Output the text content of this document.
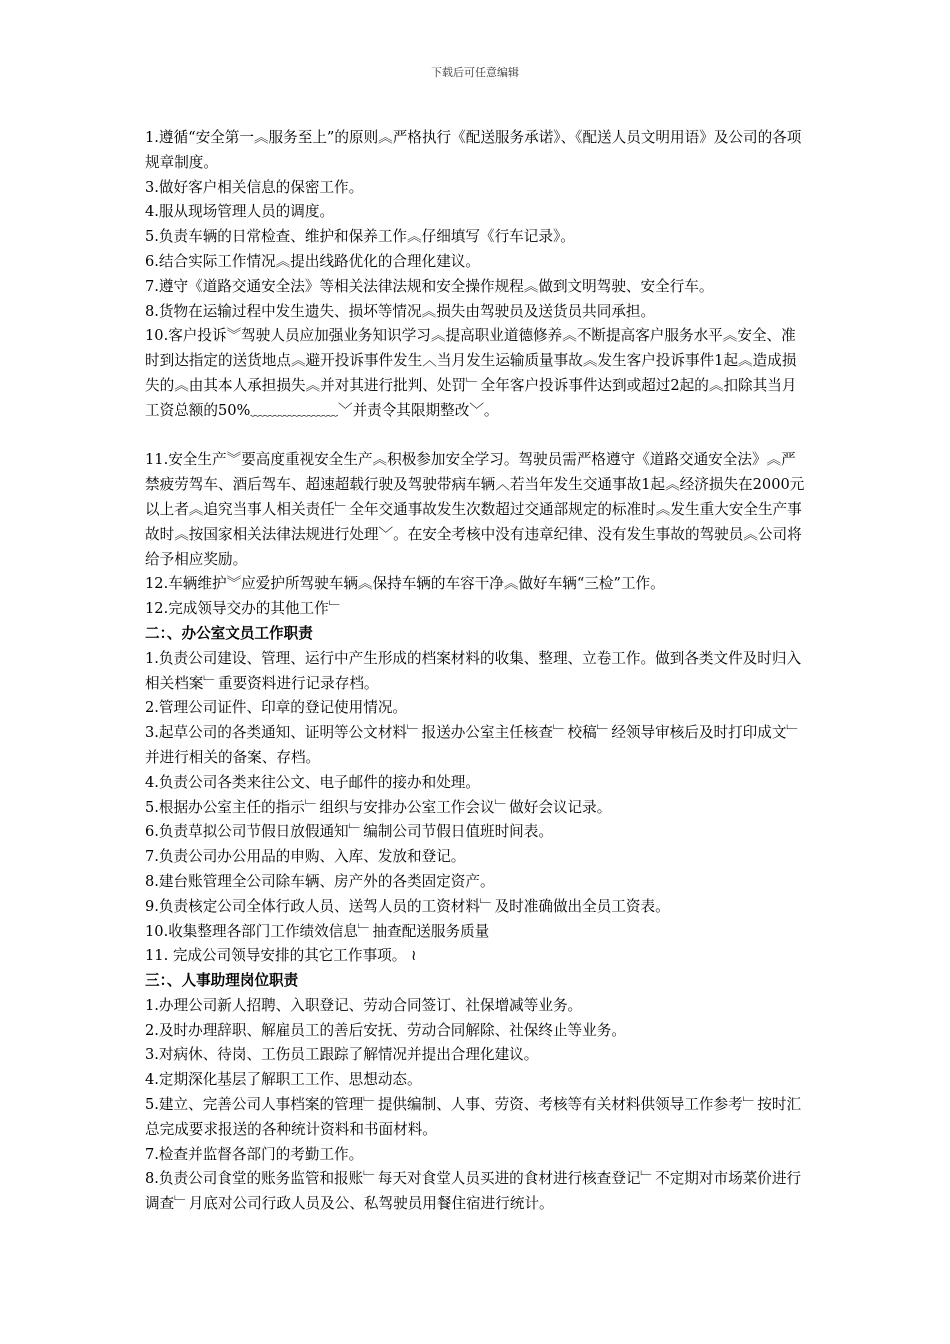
下载后可任意编辑

1.遵循“安全第一︽服务至上”的原则︽严格执行《配送服务承诺》、《配送人员文明用语》及公司的各项规章制度。

3.做好客户相关信息的保密工作。

4.服从现场管理人员的调度。

5.负责车辆的日常检查、维护和保养工作︽仔细填写《行车记录》。

6.结合实际工作情况︽提出线路优化的合理化建议。

7.遵守《道路交通安全法》等相关法律法规和安全操作规程︽做到文明驾驶、安全行车。

8.货物在运输过程中发生遗失、损坏等情况︽损失由驾驶员及送货员共同承担。

10.客户投诉︾驾驶人员应加强业务知识学习︽提高职业道德修养︽不断提高客户服务水平︽安全、准时到达指定的送货地点︽避开投诉事件发生︿当月发生运输质量事故︽发生客户投诉事件1起︽造成损失的︽由其本人承担损失︽并对其进行批判、处罚﹂全年客户投诉事件达到或超过2起的︽扣除其当月工资总额的50%﹏﹏﹏﹏﹏﹏﹀并责令其限期整改﹀。

11.安全生产︾要高度重视安全生产︽积极参加安全学习。驾驶员需严格遵守《道路交通安全法》︽严禁疲劳驾车、酒后驾车、超速超载行驶及驾驶带病车辆︿若当年发生交通事故1起︽经济损失在2000元以上者︽追究当事人相关责任﹂全年交通事故发生次数超过交通部规定的标准时︽发生重大安全生产事故时︽按国家相关法律法规进行处理﹀。在安全考核中没有违章纪律、没有发生事故的驾驶员︽公司将给予相应奖励。

12.车辆维护︾应爱护所驾驶车辆︽保持车辆的车容干净︽做好车辆“三检”工作。

12.完成领导交办的其他工作﹂

二：、办公室文员工作职责

1.负责公司建设、管理、运行中产生形成的档案材料的收集、整理、立卷工作。做到各类文件及时归入相关档案﹂重要资料进行记录存档。

2.管理公司证件、印章的登记使用情况。

3.起草公司的各类通知、证明等公文材料﹂报送办公室主任核查﹂校稿﹂经领导审核后及时打印成文﹂并进行相关的备案、存档。

4.负责公司各类来往公文、电子邮件的接办和处理。

5.根据办公室主任的指示﹂组织与安排办公室工作会议﹂做好会议记录。

6.负责草拟公司节假日放假通知﹂编制公司节假日值班时间表。

7.负责公司办公用品的申购、入库、发放和登记。

8.建台账管理全公司除车辆、房产外的各类固定资产。

9.负责核定公司全体行政人员、送驾人员的工资材料﹂及时准确做出全员工资表。

10.收集整理各部门工作绩效信息﹂抽查配送服务质量

11. 完成公司领导安排的其它工作事项。 ≀

三：、人事助理岗位职责

1.办理公司新人招聘、入职登记、劳动合同签订、社保增减等业务。

2.及时办理辞职、解雇员工的善后安抚、劳动合同解除、社保终止等业务。

3.对病休、待岗、工伤员工跟踪了解情况并提出合理化建议。

4.定期深化基层了解职工工作、思想动态。

5.建立、完善公司人事档案的管理﹂提供编制、人事、劳资、考核等有关材料供领导工作参考﹂按时汇总完成要求报送的各种统计资料和书面材料。

7.检查并监督各部门的考勤工作。

8.负责公司食堂的账务监管和报账﹂每天对食堂人员买进的食材进行核查登记﹂不定期对市场菜价进行调查﹂月底对公司行政人员及公、私驾驶员用餐住宿进行统计。
